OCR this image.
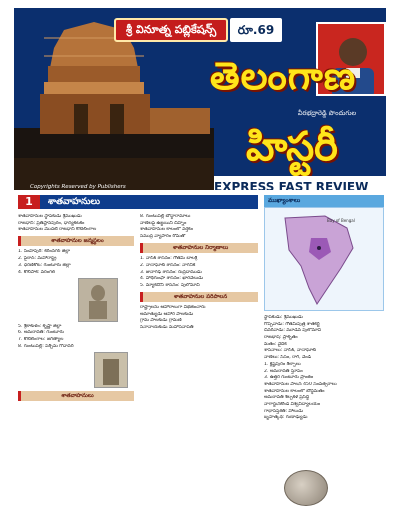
శ్రీ వినూత్న పబ్లికేషన్స్	రూ.69
తెలంగాణ
వీరభద్రారెడ్డి పొందుగుల
హిస్టరీ
Copyrights Reserved by Publishers	EXPRESS FAST REVIEW
1	శాతవాహనులు
శాతవాహనుల స్థాపకుడు శ్రీముఖుడు
రాజధాని: ప్రతిష్ఠానపురం, ధాన్యకటకం
శాతవాహనుల మొదటి రాజధాని కోటిలింగాల
శాతవాహనుల జన్మస్థలం
1. సింహపురి: కరీంనగర్ జిల్లా
2. పైఠాన్: మహారాష్ట్ర
3. ధరణికోట: గుంటూరు జిల్లా
4. కొలిపాక: వరంగల్
5. శ్రీకాకుళం: కృష్ణా జిల్లా
6. అమరావతి: గుంటూరు
7. కోటిలింగాల: జగిత్యాల
8. గుంటుపల్లి: పశ్చిమ గోదావరి
శాతవాహనులు
8. గుంటుపల్లి బౌద్ధారామాలు
నాణేలపై ఉజ్జయిని చిహ్నం
శాతవాహనుల కాలంలో వర్తకం
సముద్ర వ్యాపారం రోమ్‌తో
శాతవాహనుల నిర్మాణాలు
1. నాసిక్ శాసనం: గౌతమీ బాలశ్రీ
2. నానాఘాట్ శాసనం: నాగనిక
3. జునాగఢ్ శాసనం: రుద్రదాముడు
4. హాథీగుంఫా శాసనం: ఖారవేలుడు
5. మ్యాకదోని శాసనం: పులోమావి
శాతవాహనుల పరిపాలన
రాష్ట్రాలను ఆహారాలుగా విభజించారు
అమాత్యుడు ఆహార పాలకుడు
గ్రామ పాలకుడు గ్రామణి
సేనానాయకుడు మహాసేనాపతి
ముఖ్యాంశాలు
Bay of Bengal
స్థాపకుడు: శ్రీముఖుడు
గొప్పవాడు: గౌతమీపుత్ర శాతకర్ణి
చివరివాడు: మూడవ పులోమావి
రాజభాష: ప్రాకృతం
మతం: వైదిక
శాసనాలు: నాసిక్, నానాఘాట్
నాణేలు: సీసం, రాగి, వెండి
1. క్లిష్టపురం శిల్పాలు
2. అమరావతి స్తూపం
3. ఉత్తర గుంటూరు ప్రాంతం
శాతవాహనుల పాలన 450 సంవత్సరాలు
శాతవాహనుల కాలంలో బౌద్ధమతం
అమరావతి శిల్పకళ ప్రసిద్ధి
నాగార్జునకొండ విశ్వవిద్యాలయం
గాథాసప్తశతి: హాలుడు
బృహత్కథ: గుణాఢ్యుడు
